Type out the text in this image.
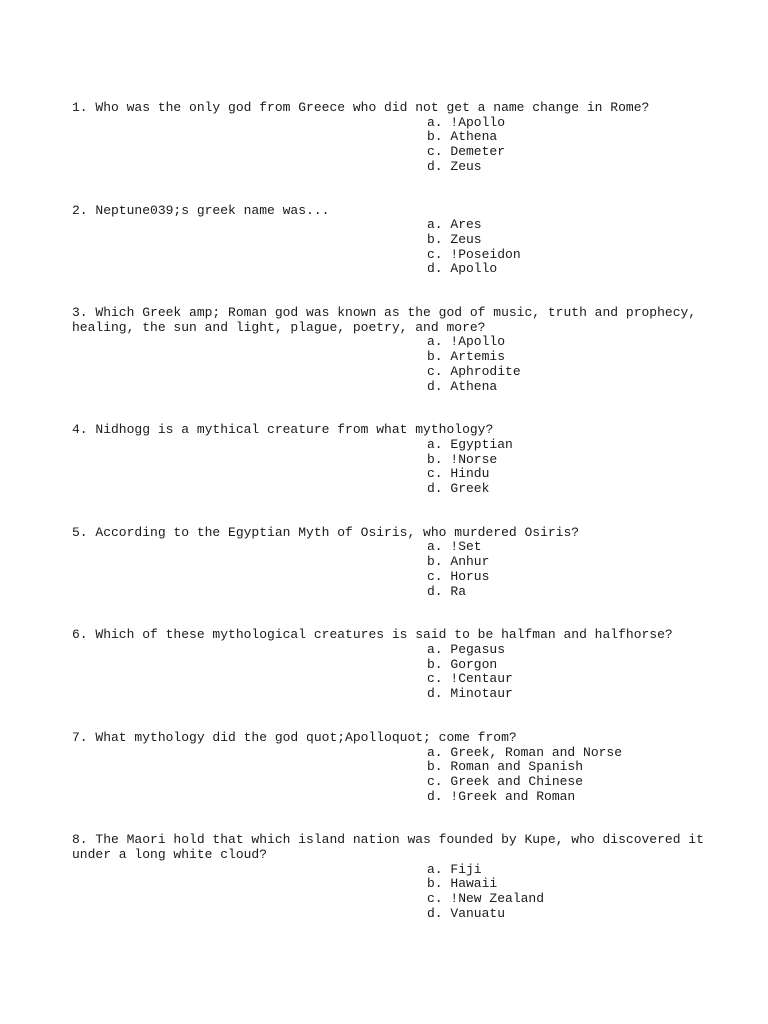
1. Who was the only god from Greece who did not get a name change in Rome?

a. !Apollo
b. Athena
c. Demeter
d. Zeus

2. Neptune039;s greek name was...

a. Ares
b. Zeus
c. !Poseidon
d. Apollo

3. Which Greek amp; Roman god was known as the god of music, truth and prophecy,
healing, the sun and light, plague, poetry, and more?

a. !Apollo
b. Artemis
c. Aphrodite
d. Athena

4. Nidhogg is a mythical creature from what mythology?

a. Egyptian
b. !Norse
c. Hindu
d. Greek

5. According to the Egyptian Myth of Osiris, who murdered Osiris?

a. !Set
b. Anhur
c. Horus
d. Ra

6. Which of these mythological creatures is said to be halfman and halfhorse?

a. Pegasus
b. Gorgon
c. !Centaur
d. Minotaur

7. What mythology did the god quot;Apolloquot; come from?

a. Greek, Roman and Norse
b. Roman and Spanish
c. Greek and Chinese
d. !Greek and Roman

8. The Maori hold that which island nation was founded by Kupe, who discovered it
under a long white cloud?

a. Fiji
b. Hawaii
c. !New Zealand
d. Vanuatu
